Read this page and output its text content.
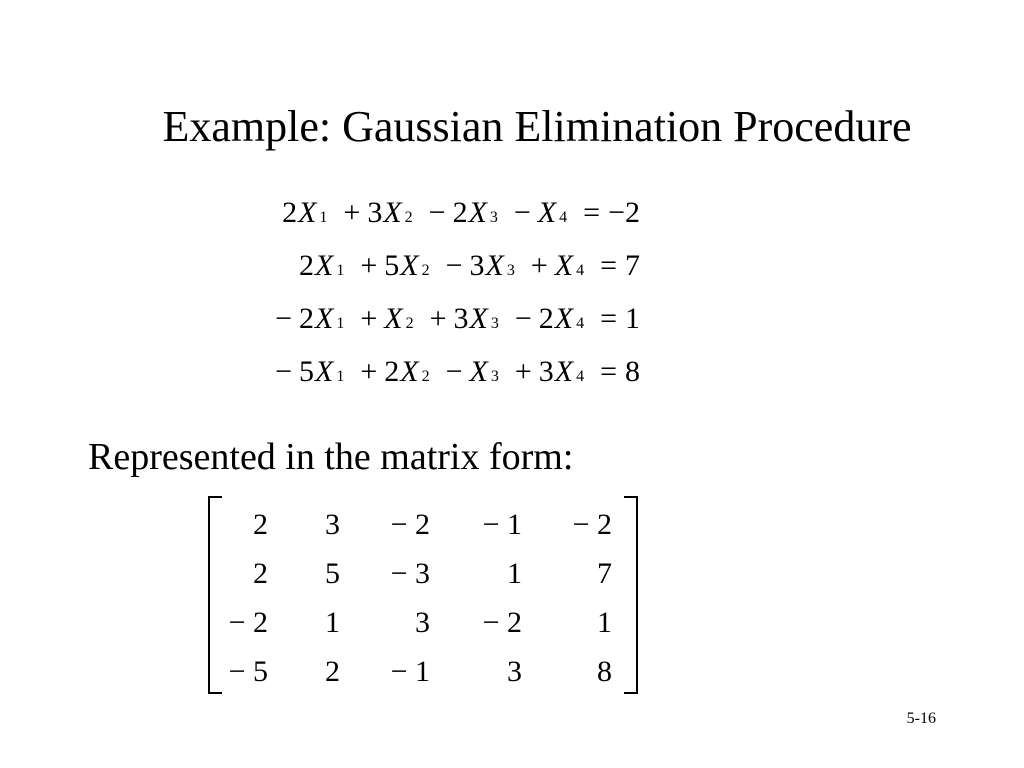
Example: Gaussian Elimination Procedure
2 X 1 + 3 X 2 − 2 X 3 − X 4 = −2
2 X 1 + 5 X 2 − 3 X 3 + X 4 = 7
− 2 X 1 + X 2 + 3 X 3 − 2 X 4 = 1
− 5 X 1 + 2 X 2 − X 3 + 3 X 4 = 8
Represented in the matrix form:
2	3	− 2	− 1	− 2
2	5	− 3	1	7
− 2	1	3	− 2	1
− 5	2	− 1	3	8
5-16
